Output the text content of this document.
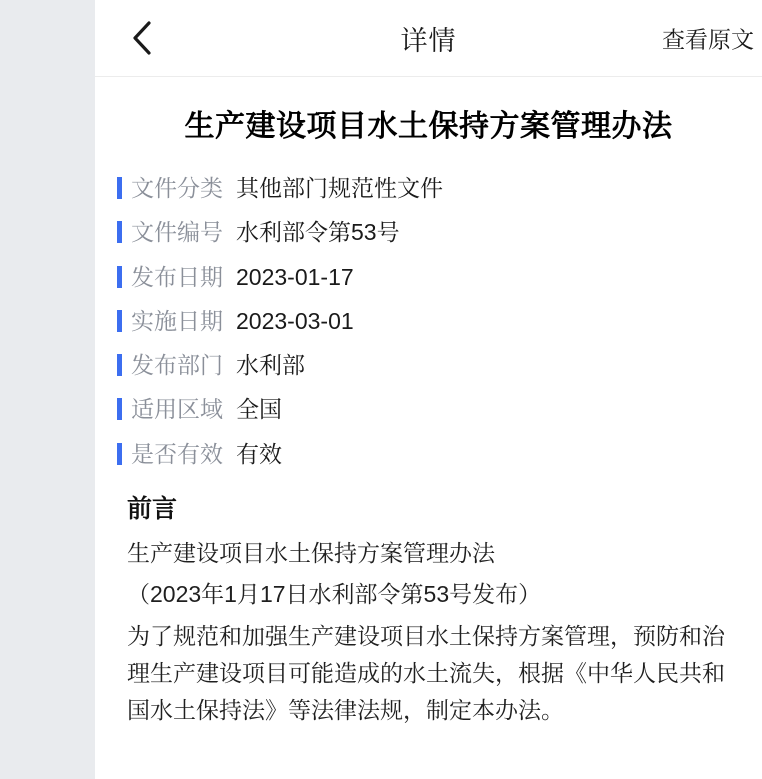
详情	查看原文
生产建设项目水土保持方案管理办法
文件分类 其他部门规范性文件
文件编号 水利部令第53号
发布日期 2023-01-17
实施日期 2023-03-01
发布部门 水利部
适用区域 全国
是否有效 有效
前言

生产建设项目水土保持方案管理办法

（2023年1月17日水利部令第53号发布）

为了规范和加强生产建设项目水土保持方案管理，预防和治理生产建设项目可能造成的水土流失，根据《中华人民共和国水土保持法》等法律法规，制定本办法。
